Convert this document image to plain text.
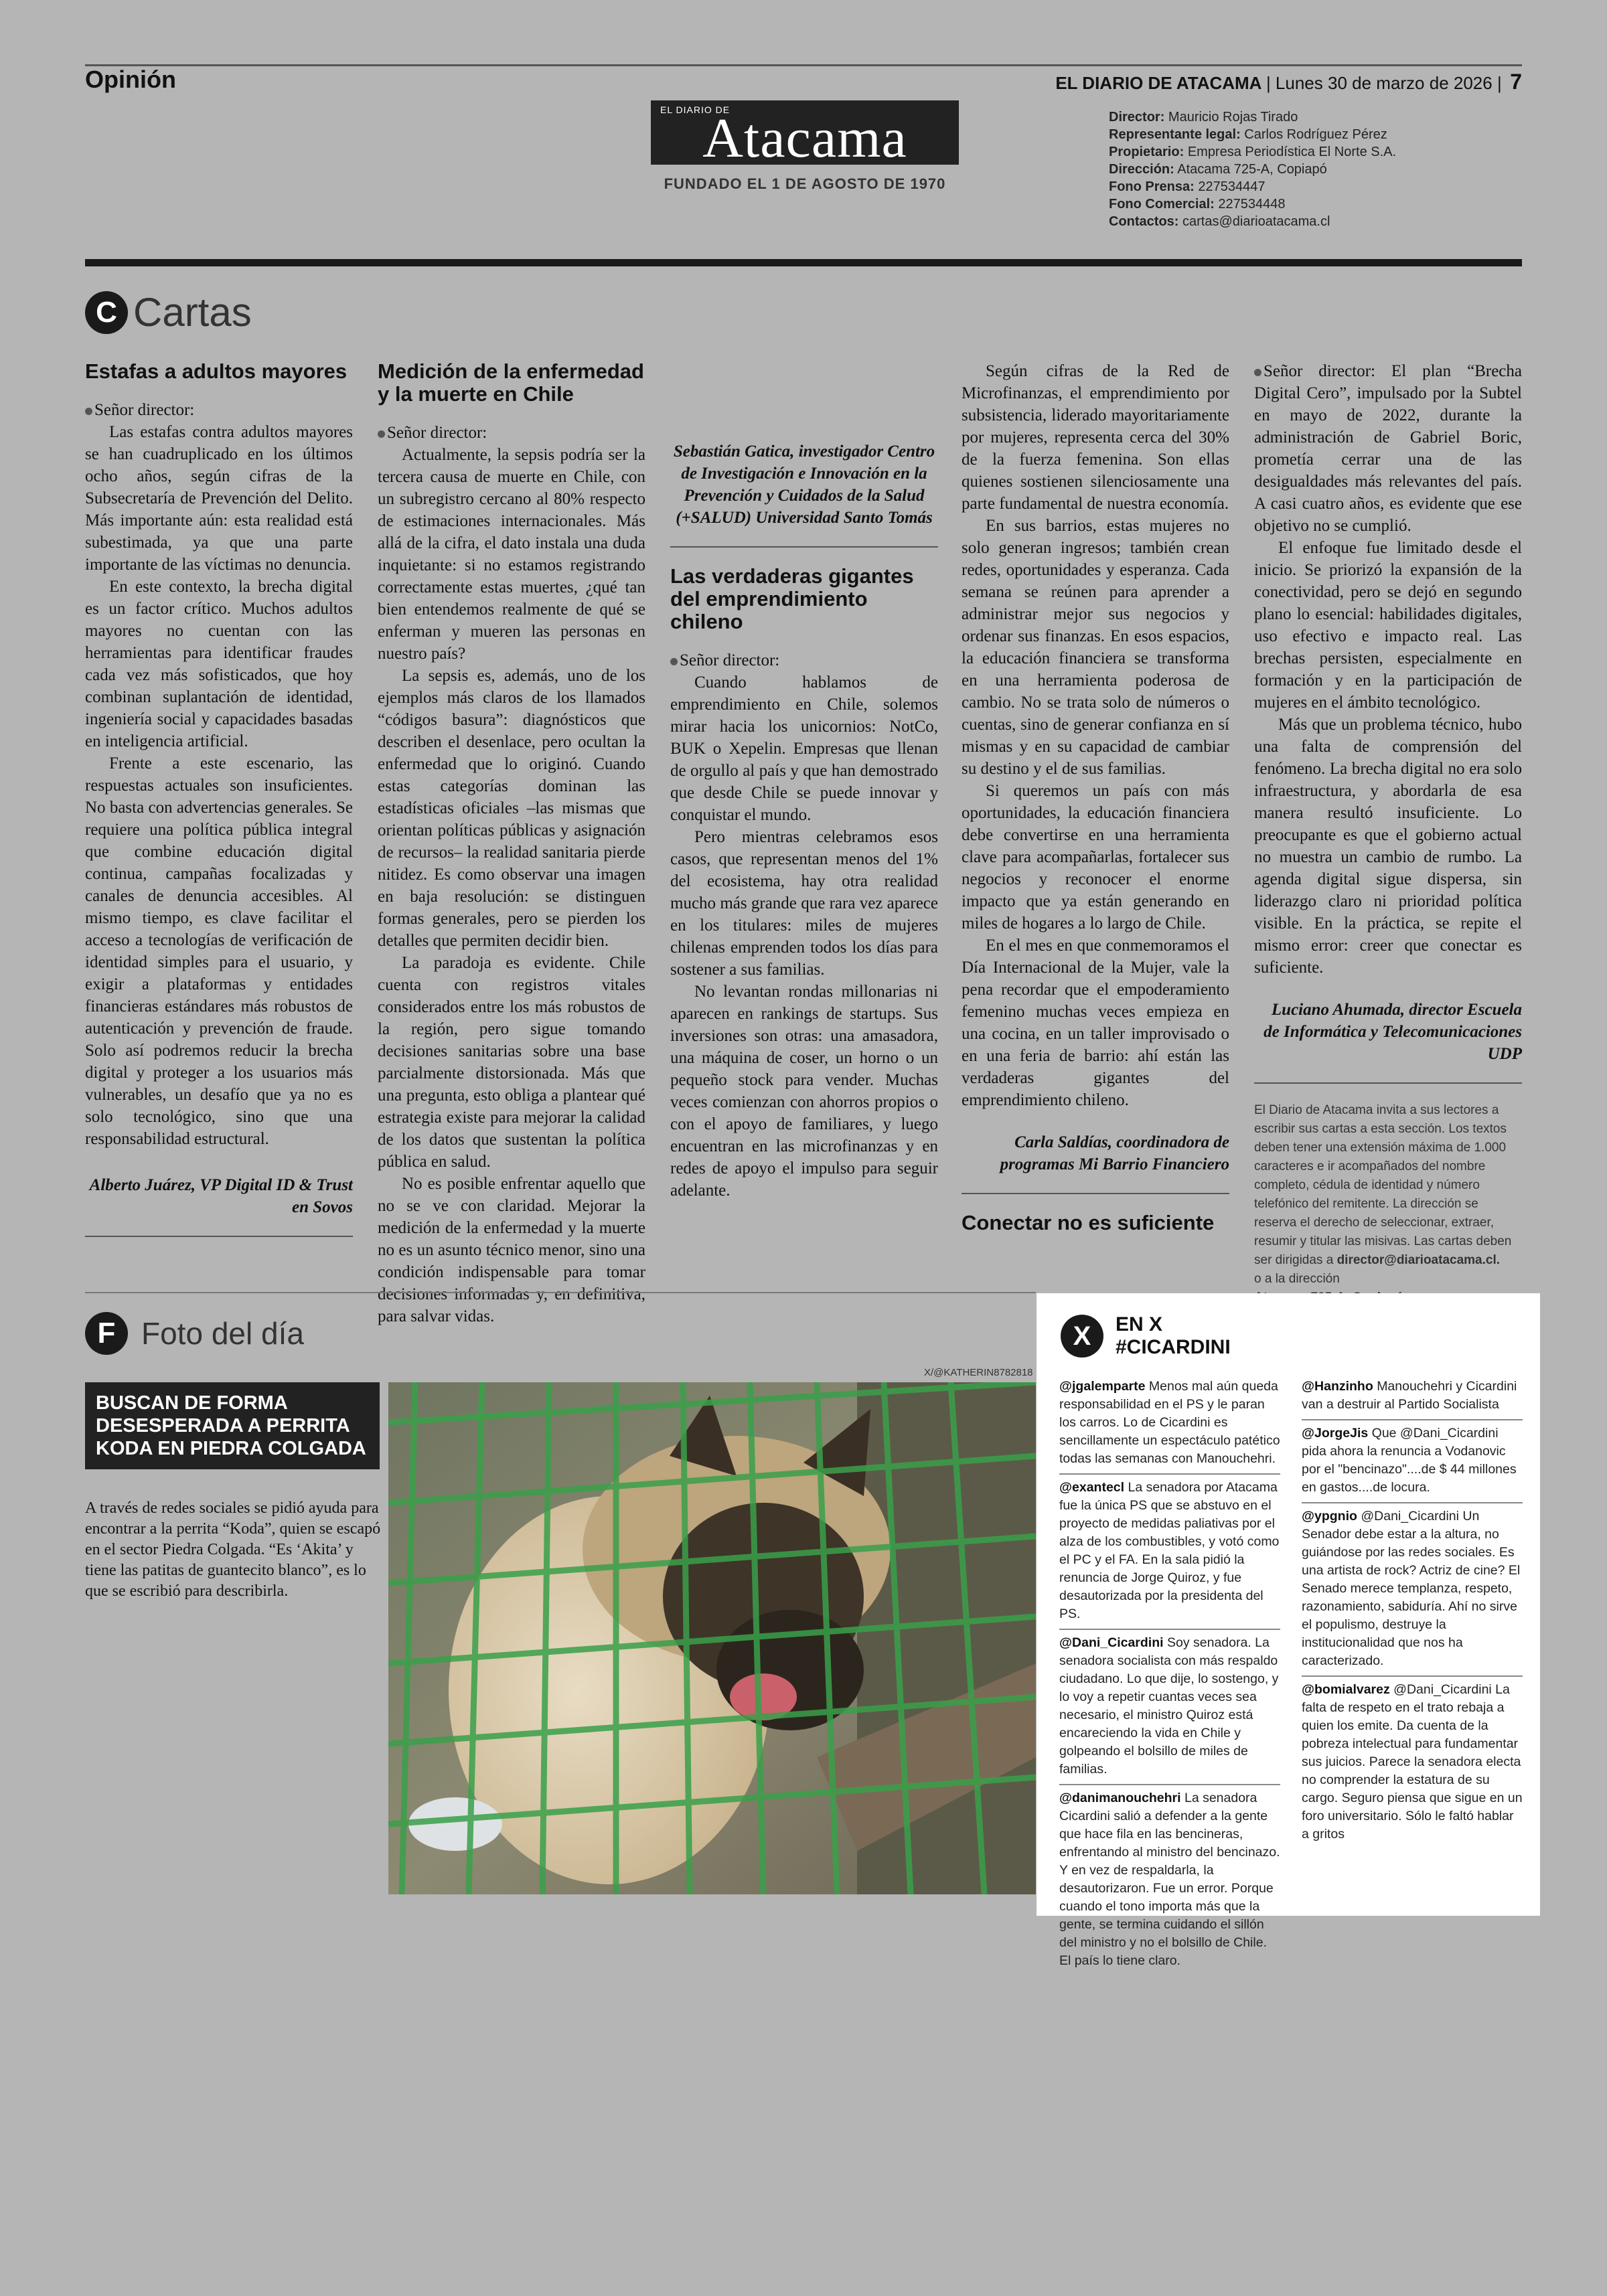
Opinión	EL DIARIO DE ATACAMA | Lunes 30 de marzo de 2026 | 7
EL DIARIO DE
Atacama
FUNDADO EL 1 DE AGOSTO DE 1970
Director: Mauricio Rojas Tirado
Representante legal: Carlos Rodríguez Pérez
Propietario: Empresa Periodística El Norte S.A.
Dirección: Atacama 725-A, Copiapó
Fono Prensa: 227534447
Fono Comercial: 227534448
Contactos: cartas@diarioatacama.cl
C Cartas
Estafas a adultos mayores

Señor director:

Las estafas contra adultos mayores se han cuadruplicado en los últimos ocho años, según cifras de la Subsecretaría de Prevención del Delito. Más importante aún: esta realidad está subestimada, ya que una parte importante de las víctimas no denuncia.

En este contexto, la brecha digital es un factor crítico. Muchos adultos mayores no cuentan con las herramientas para identificar fraudes cada vez más sofisticados, que hoy combinan suplantación de identidad, ingeniería social y capacidades basadas en inteligencia artificial.

Frente a este escenario, las respuestas actuales son insuficientes. No basta con advertencias generales. Se requiere una política pública integral que combine educación digital continua, campañas focalizadas y canales de denuncia accesibles. Al mismo tiempo, es clave facilitar el acceso a tecnologías de verificación de identidad simples para el usuario, y exigir a plataformas y entidades financieras estándares más robustos de autenticación y prevención de fraude. Solo así podremos reducir la brecha digital y proteger a los usuarios más vulnerables, un desafío que ya no es solo tecnológico, sino que una responsabilidad estructural.

Alberto Juárez, VP Digital ID & Trust en Sovos

Medición de la enfermedad y la muerte en Chile

Señor director:

Actualmente, la sepsis podría ser la tercera causa de muerte en Chile, con un subregistro cercano al 80% respecto de estimaciones internacionales. Más allá de la cifra, el dato instala una duda inquietante: si no estamos registrando correctamente estas muertes, ¿qué tan bien entendemos realmente de qué se enferman y mueren las personas en nuestro país?

La sepsis es, además, uno de los ejemplos más claros de los llamados “códigos basura”: diagnósticos que describen el desenlace, pero ocultan la enfermedad que lo originó. Cuando estas categorías dominan las estadísticas oficiales –las mismas que orientan políticas públicas y asignación de recursos– la realidad sanitaria pierde nitidez. Es como observar una imagen en baja resolución: se distinguen formas generales, pero se pierden los detalles que permiten decidir bien.

La paradoja es evidente. Chile cuenta con registros vitales considerados entre los más robustos de la región, pero sigue tomando decisiones sanitarias sobre una base parcialmente distorsionada. Más que una pregunta, esto obliga a plantear qué estrategia existe para mejorar la calidad de los datos que sustentan la política pública en salud.

No es posible enfrentar aquello que no se ve con claridad. Mejorar la medición de la enfermedad y la muerte no es un asunto técnico menor, sino una condición indispensable para tomar decisiones informadas y, en definitiva, para salvar vidas.

Sebastián Gatica, investigador Centro de Investigación e Innovación en la Prevención y Cuidados de la Salud (+SALUD) Universidad Santo Tomás

Las verdaderas gigantes del emprendimiento chileno

Señor director:

Cuando hablamos de emprendimiento en Chile, solemos mirar hacia los unicornios: NotCo, BUK o Xepelin. Empresas que llenan de orgullo al país y que han demostrado que desde Chile se puede innovar y conquistar el mundo.

Pero mientras celebramos esos casos, que representan menos del 1% del ecosistema, hay otra realidad mucho más grande que rara vez aparece en los titulares: miles de mujeres chilenas emprenden todos los días para sostener a sus familias.

No levantan rondas millonarias ni aparecen en rankings de startups. Sus inversiones son otras: una amasadora, una máquina de coser, un horno o un pequeño stock para vender. Muchas veces comienzan con ahorros propios o con el apoyo de familiares, y luego encuentran en las microfinanzas y en redes de apoyo el impulso para seguir adelante.

Según cifras de la Red de Microfinanzas, el emprendimiento por subsistencia, liderado mayoritariamente por mujeres, representa cerca del 30% de la fuerza femenina. Son ellas quienes sostienen silenciosamente una parte fundamental de nuestra economía.

En sus barrios, estas mujeres no solo generan ingresos; también crean redes, oportunidades y esperanza. Cada semana se reúnen para aprender a administrar mejor sus negocios y ordenar sus finanzas. En esos espacios, la educación financiera se transforma en una herramienta poderosa de cambio. No se trata solo de números o cuentas, sino de generar confianza en sí mismas y en su capacidad de cambiar su destino y el de sus familias.

Si queremos un país con más oportunidades, la educación financiera debe convertirse en una herramienta clave para acompañarlas, fortalecer sus negocios y reconocer el enorme impacto que ya están generando en miles de hogares a lo largo de Chile.

En el mes en que conmemoramos el Día Internacional de la Mujer, vale la pena recordar que el empoderamiento femenino muchas veces empieza en una cocina, en un taller improvisado o en una feria de barrio: ahí están las verdaderas gigantes del emprendimiento chileno.

Carla Saldías, coordinadora de programas Mi Barrio Financiero

Conectar no es suficiente

Señor director: El plan “Brecha Digital Cero”, impulsado por la Subtel en mayo de 2022, durante la administración de Gabriel Boric, prometía cerrar una de las desigualdades más relevantes del país. A casi cuatro años, es evidente que ese objetivo no se cumplió.

El enfoque fue limitado desde el inicio. Se priorizó la expansión de la conectividad, pero se dejó en segundo plano lo esencial: habilidades digitales, uso efectivo e impacto real. Las brechas persisten, especialmente en formación y en la participación de mujeres en el ámbito tecnológico.

Más que un problema técnico, hubo una falta de comprensión del fenómeno. La brecha digital no era solo infraestructura, y abordarla de esa manera resultó insuficiente. Lo preocupante es que el gobierno actual no muestra un cambio de rumbo. La agenda digital sigue dispersa, sin liderazgo claro ni prioridad política visible. En la práctica, se repite el mismo error: creer que conectar es suficiente.

Luciano Ahumada, director Escuela de Informática y Telecomunicaciones UDP

El Diario de Atacama invita a sus lectores a escribir sus cartas a esta sección. Los textos deben tener una extensión máxima de 1.000 caracteres e ir acompañados del nombre completo, cédula de identidad y número telefónico del remitente. La dirección se reserva el derecho de seleccionar, extraer, resumir y titular las misivas. Las cartas deben ser dirigidas a director@diarioatacama.cl.
o a la dirección

F Foto del día
BUSCAN DE FORMA DESESPERADA A PERRITA KODA EN PIEDRA COLGADA
A través de redes sociales se pidió ayuda para encontrar a la perrita “Koda”, quien se escapó en el sector Piedra Colgada. “Es ‘Akita’ y tiene las patitas de guantecito blanco”, es lo que se escribió para describirla.
X/@KATHERIN8782818
X	EN X
#CICARDINI
@jgalemparte Menos mal aún queda responsabilidad en el PS y le paran los carros. Lo de Cicardini es sencillamente un espectáculo patético todas las semanas con Manouchehri.
@exantecl La senadora por Atacama fue la única PS que se abstuvo en el proyecto de medidas paliativas por el alza de los combustibles, y votó como el PC y el FA. En la sala pidió la renuncia de Jorge Quiroz, y fue desautorizada por la presidenta del PS.
@Dani_Cicardini Soy senadora. La senadora socialista con más respaldo ciudadano. Lo que dije, lo sostengo, y lo voy a repetir cuantas veces sea necesario, el ministro Quiroz está encareciendo la vida en Chile y golpeando el bolsillo de miles de familias.
@danimanouchehri La senadora Cicardini salió a defender a la gente que hace fila en las bencineras, enfrentando al ministro del bencinazo. Y en vez de respaldarla, la desautorizaron. Fue un error. Porque cuando el tono importa más que la gente, se termina cuidando el sillón del ministro y no el bolsillo de Chile. El país lo tiene claro.
@Hanzinho Manouchehri y Cicardini van a destruir al Partido Socialista
@JorgeJis Que @Dani_Cicardini pida ahora la renuncia a Vodanovic por el "bencinazo"....de $ 44 millones en gastos....de locura.
@ypgnio @Dani_Cicardini Un Senador debe estar a la altura, no guiándose por las redes sociales. Es una artista de rock? Actriz de cine? El Senado merece templanza, respeto, razonamiento, sabiduría. Ahí no sirve el populismo, destruye la institucionalidad que nos ha caracterizado.
@bomialvarez @Dani_Cicardini La falta de respeto en el trato rebaja a quien los emite. Da cuenta de la pobreza intelectual para fundamentar sus juicios. Parece la senadora electa no comprender la estatura de su cargo. Seguro piensa que sigue en un foro universitario. Sólo le faltó hablar a gritos
